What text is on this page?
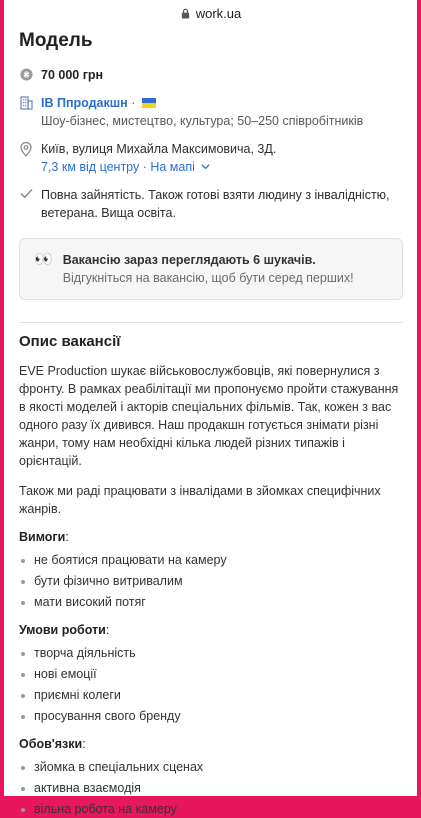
work.ua
Модель
₴ 70 000 грн
IB Ппродакшн ·
Шоу-бізнес, мистецтво, культура; 50–250 співробітників
Київ, вулиця Михайла Максимовича, 3Д.
7,3 км від центру · На мапі
Повна зайнятість. Також готові взяти людину з інвалідністю, ветерана. Вища освіта.
👀 Вакансію зараз переглядають 6 шукачів.
Відгукніться на вакансію, щоб бути серед перших!
Опис вакансії

EVE Production шукає військовослужбовців, які повернулися з фронту. В рамках реабілітації ми пропонуємо пройти стажування в якості моделей і акторів спеціальних фільмів. Так, кожен з вас одного разу їх дивився. Наш продакшн готується знімати різні жанри, тому нам необхідні кілька людей різних типажів і орієнтацій.

Також ми раді працювати з інвалідами в зйомках специфічних жанрів.

Вимоги:
не боятися працювати на камеру
бути фізично витривалим
мати високий потяг
Умови роботи:
творча діяльність
нові емоції
приємні колеги
просування свого бренду
Обов'язки:
зйомка в спеціальних сценах
активна взаємодія
вільна робота на камеру
